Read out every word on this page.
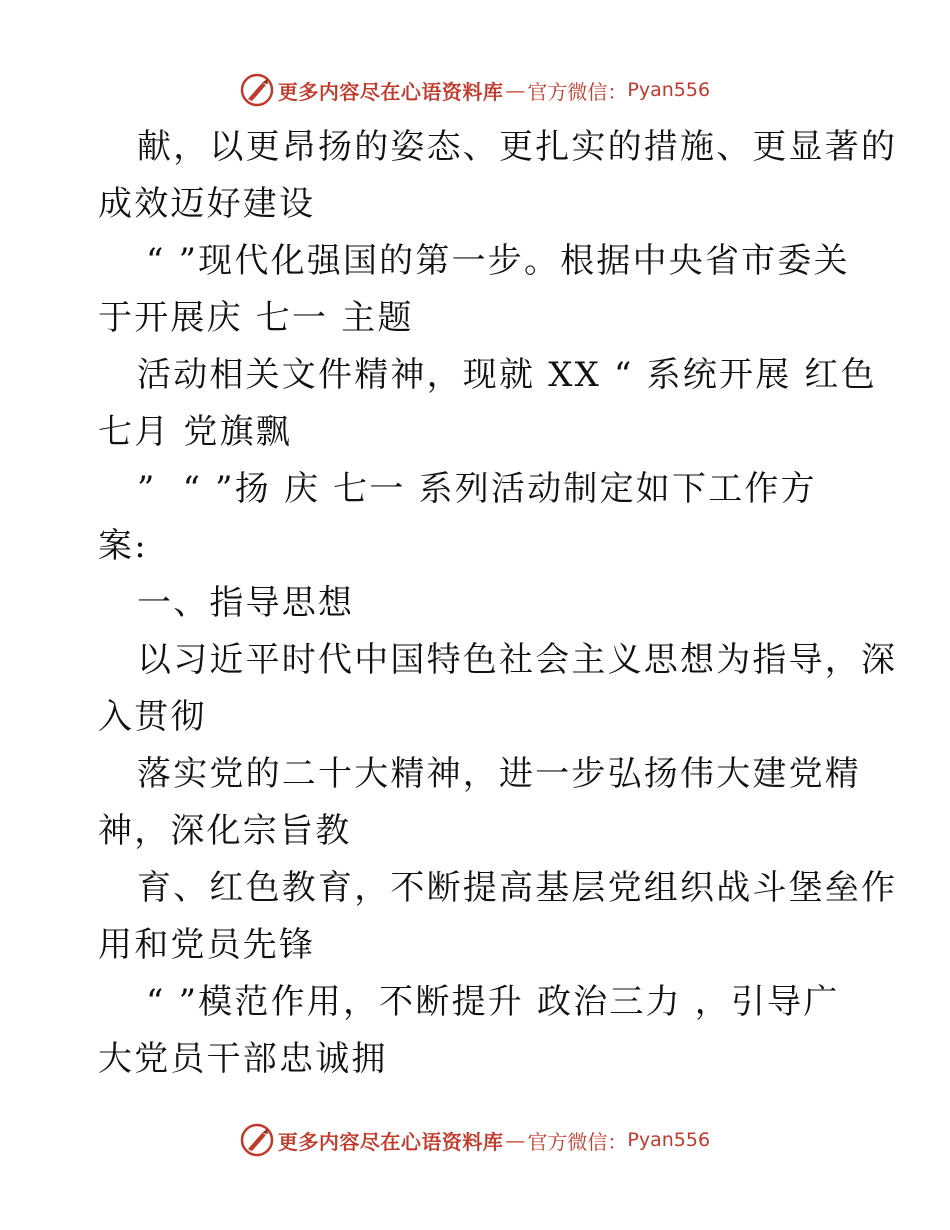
更多内容尽在心语资料库 — 官方微信： Pyan556
献，以更昂扬的姿态、更扎实的措施、更显著的
成效迈好建设
“ ”现代化强国的第一步。根据中央省市委关
于开展庆 七一 主题
活动相关文件精神，现就 XX “ 系统开展 红色
七月 党旗飘
”  “ ”扬 庆 七一 系列活动制定如下工作方
案:
一、指导思想
以习近平时代中国特色社会主义思想为指导，深
入贯彻
落实党的二十大精神，进一步弘扬伟大建党精
神，深化宗旨教
育、红色教育，不断提高基层党组织战斗堡垒作
用和党员先锋
“ ”模范作用，不断提升 政治三力 ，引导广
大党员干部忠诚拥
更多内容尽在心语资料库 — 官方微信： Pyan556
